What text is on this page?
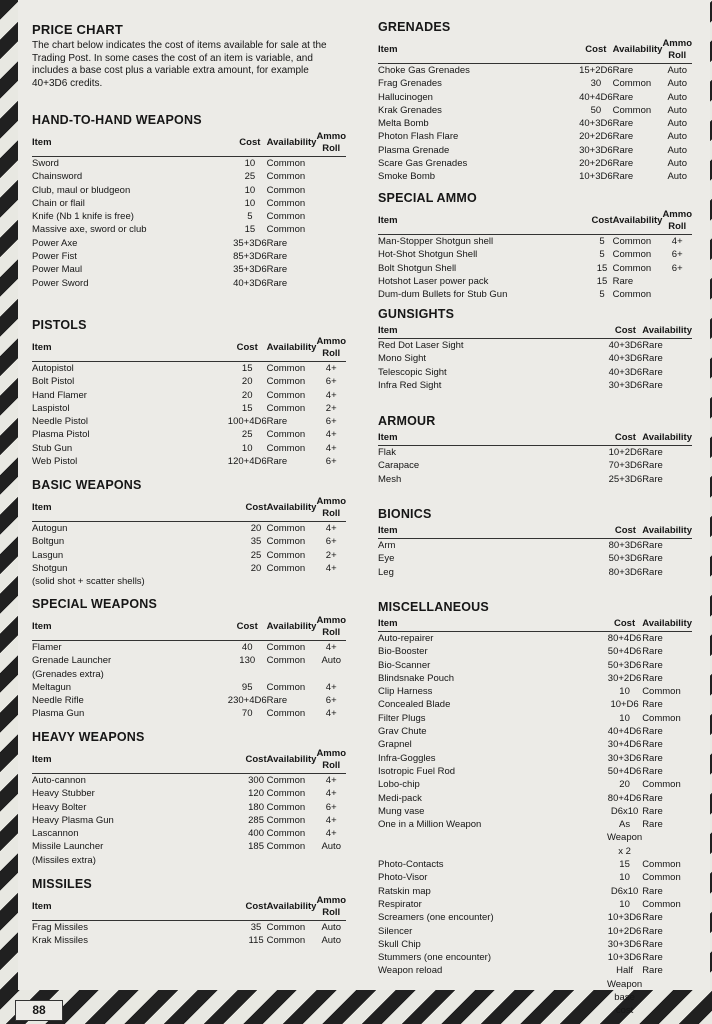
PRICE CHART

The chart below indicates the cost of items available for sale at the Trading Post. In some cases the cost of an item is variable, and includes a base cost plus a variable extra amount, for example 40+3D6 credits.

HAND-TO-HAND WEAPONS
Item	Cost	Availability	Ammo Roll
Sword	10	Common	
Chainsword	25	Common	
Club, maul or bludgeon	10	Common	
Chain or flail	10	Common	
Knife (Nb 1 knife is free)	5	Common	
Massive axe, sword or club	15	Common	
Power Axe	35+3D6	Rare	
Power Fist	85+3D6	Rare	
Power Maul	35+3D6	Rare	
Power Sword	40+3D6	Rare	
PISTOLS
Item	Cost	Availability	Ammo Roll
Autopistol	15	Common	4+
Bolt Pistol	20	Common	6+
Hand Flamer	20	Common	4+
Laspistol	15	Common	2+
Needle Pistol	100+4D6	Rare	6+
Plasma Pistol	25	Common	4+
Stub Gun	10	Common	4+
Web Pistol	120+4D6	Rare	6+
BASIC WEAPONS
Item	Cost	Availability	Ammo Roll
Autogun	20	Common	4+
Boltgun	35	Common	6+
Lasgun	25	Common	2+
Shotgun
(solid shot + scatter shells)	20	Common	4+
SPECIAL WEAPONS
Item	Cost	Availability	Ammo Roll
Flamer	40	Common	4+
Grenade Launcher
(Grenades extra)	130	Common	Auto
Meltagun	95	Common	4+
Needle Rifle	230+4D6	Rare	6+
Plasma Gun	70	Common	4+
HEAVY WEAPONS
Item	Cost	Availability	Ammo Roll
Auto-cannon	300	Common	4+
Heavy Stubber	120	Common	4+
Heavy Bolter	180	Common	6+
Heavy Plasma Gun	285	Common	4+
Lascannon	400	Common	4+
Missile Launcher
(Missiles extra)	185	Common	Auto
MISSILES
Item	Cost	Availability	Ammo Roll
Frag Missiles	35	Common	Auto
Krak Missiles	115	Common	Auto
GRENADES
Item	Cost	Availability	Ammo Roll
Choke Gas Grenades	15+2D6	Rare	Auto
Frag Grenades	30	Common	Auto
Hallucinogen	40+4D6	Rare	Auto
Krak Grenades	50	Common	Auto
Melta Bomb	40+3D6	Rare	Auto
Photon Flash Flare	20+2D6	Rare	Auto
Plasma Grenade	30+3D6	Rare	Auto
Scare Gas Grenades	20+2D6	Rare	Auto
Smoke Bomb	10+3D6	Rare	Auto
SPECIAL AMMO
Item	Cost	Availability	Ammo Roll
Man-Stopper Shotgun shell	5	Common	4+
Hot-Shot Shotgun Shell	5	Common	6+
Bolt Shotgun Shell	15	Common	6+
Hotshot Laser power pack	15	Rare	
Dum-dum Bullets for Stub Gun	5	Common	
GUNSIGHTS
Item	Cost	Availability
Red Dot Laser Sight	40+3D6	Rare
Mono Sight	40+3D6	Rare
Telescopic Sight	40+3D6	Rare
Infra Red Sight	30+3D6	Rare
ARMOUR
Item	Cost	Availability
Flak	10+2D6	Rare
Carapace	70+3D6	Rare
Mesh	25+3D6	Rare
BIONICS
Item	Cost	Availability
Arm	80+3D6	Rare
Eye	50+3D6	Rare
Leg	80+3D6	Rare
MISCELLANEOUS
Item	Cost	Availability
Auto-repairer	80+4D6	Rare
Bio-Booster	50+4D6	Rare
Bio-Scanner	50+3D6	Rare
Blindsnake Pouch	30+2D6	Rare
Clip Harness	10	Common
Concealed Blade	10+D6	Rare
Filter Plugs	10	Common
Grav Chute	40+4D6	Rare
Grapnel	30+4D6	Rare
Infra-Goggles	30+3D6	Rare
Isotropic Fuel Rod	50+4D6	Rare
Lobo-chip	20	Common
Medi-pack	80+4D6	Rare
Mung vase	D6x10	Rare
One in a Million Weapon	As Weapon x 2	Rare
Photo-Contacts	15	Common
Photo-Visor	10	Common
Ratskin map	D6x10	Rare
Respirator	10	Common
Screamers (one encounter)	10+3D6	Rare
Silencer	10+2D6	Rare
Skull Chip	30+3D6	Rare
Stummers (one encounter)	10+3D6	Rare
Weapon reload	Half Weapon base cost	Rare
88
